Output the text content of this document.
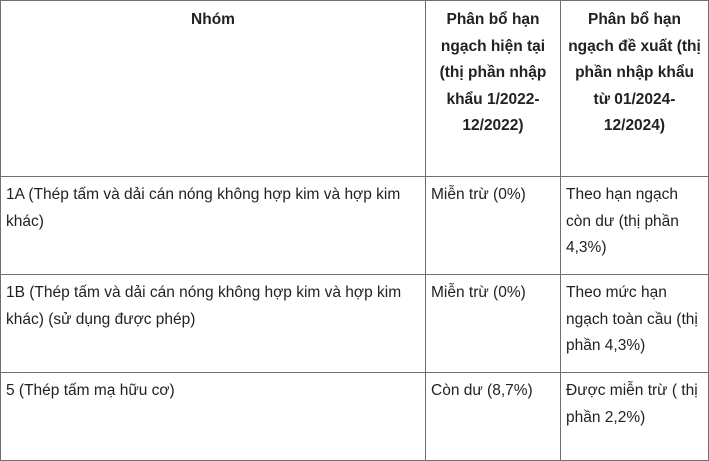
Nhóm	Phân bổ hạn ngạch hiện tại (thị phần nhập khẩu 1/2022-12/2022)	Phân bổ hạn ngạch đề xuất (thị phần nhập khẩu từ 01/2024-12/2024)
1A (Thép tấm và dải cán nóng không hợp kim và hợp kim khác)	Miễn trừ (0%)	Theo hạn ngạch còn dư (thị phần 4,3%)
1B (Thép tấm và dải cán nóng không hợp kim và hợp kim khác) (sử dụng được phép)	Miễn trừ (0%)	Theo mức hạn ngạch toàn cầu (thị phần 4,3%)
5 (Thép tấm mạ hữu cơ)	Còn dư (8,7%)	Được miễn trừ ( thị phần 2,2%)
